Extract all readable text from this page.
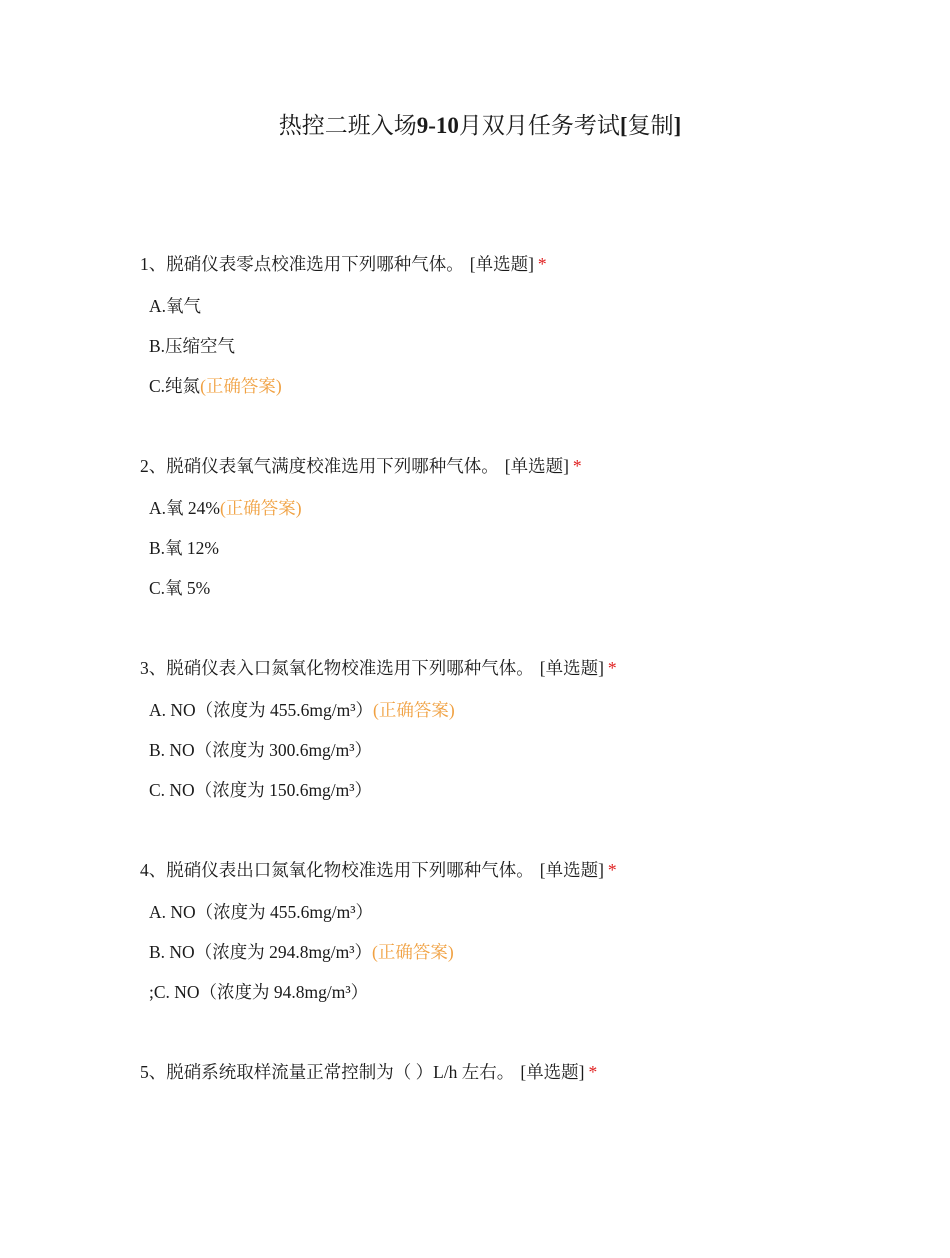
热控二班入场9-10月双月任务考试[复制]
1、脱硝仪表零点校准选用下列哪种气体。 [单选题] *
A.氧气
B.压缩空气
C.纯氮(正确答案)
2、脱硝仪表氧气满度校准选用下列哪种气体。 [单选题] *
A.氧 24%(正确答案)
B.氧 12%
C.氧 5%
3、脱硝仪表入口氮氧化物校准选用下列哪种气体。 [单选题] *
A. NO（浓度为 455.6mg/m³）(正确答案)
B. NO（浓度为 300.6mg/m³）
C. NO（浓度为 150.6mg/m³）
4、脱硝仪表出口氮氧化物校准选用下列哪种气体。 [单选题] *
A. NO（浓度为 455.6mg/m³）
B. NO（浓度为 294.8mg/m³）(正确答案)
;C. NO（浓度为 94.8mg/m³）
5、脱硝系统取样流量正常控制为（ ）L/h 左右。 [单选题] *
